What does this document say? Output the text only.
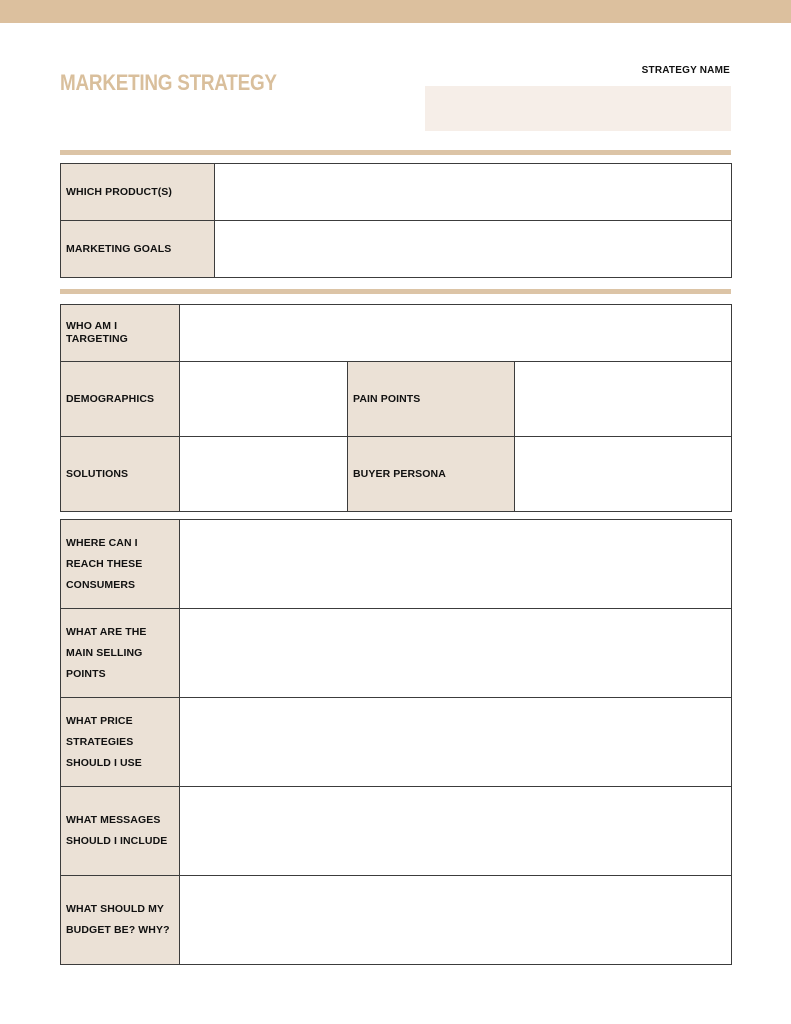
MARKETING STRATEGY	STRATEGY NAME
WHICH PRODUCT(S)	
MARKETING GOALS	
WHO AM I TARGETING			
DEMOGRAPHICS		PAIN POINTS	
SOLUTIONS		BUYER PERSONA	
WHERE CAN I REACH THESE CONSUMERS	
WHAT ARE THE MAIN SELLING POINTS	
WHAT PRICE STRATEGIES SHOULD I USE	
WHAT MESSAGES SHOULD I INCLUDE	
WHAT SHOULD MY BUDGET BE? WHY?	
